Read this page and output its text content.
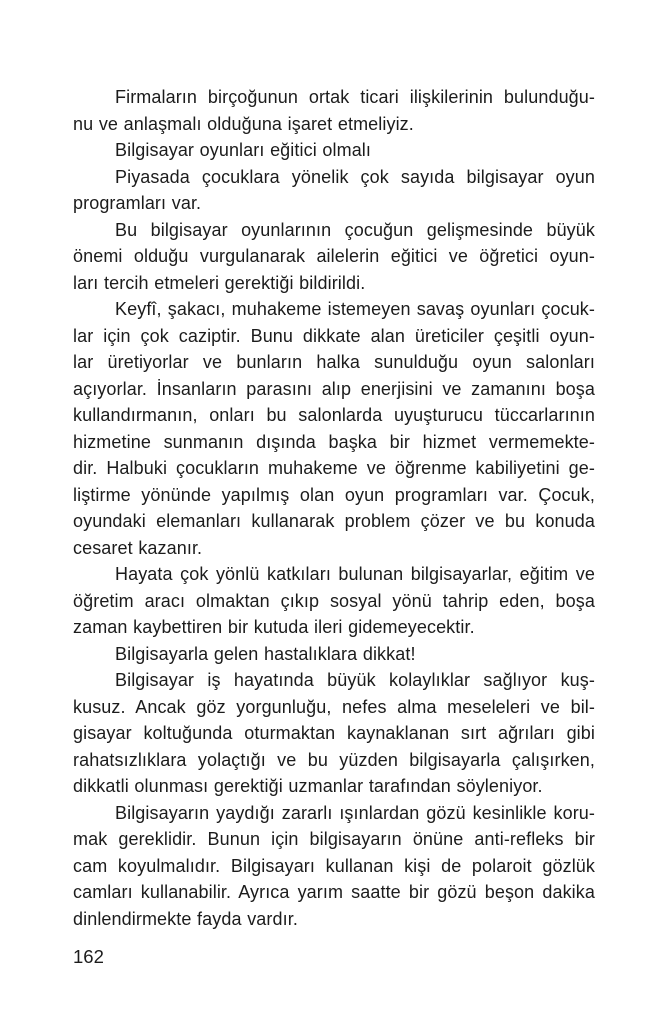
Firmaların birçoğunun ortak ticari ilişkilerinin bulunduğu-
nu ve anlaşmalı olduğuna işaret etmeliyiz.
Bilgisayar oyunları eğitici olmalı
Piyasada çocuklara yönelik çok sayıda bilgisayar oyun
programları var.
Bu bilgisayar oyunlarının çocuğun gelişmesinde büyük
önemi olduğu vurgulanarak ailelerin eğitici ve öğretici oyun-
ları tercih etmeleri gerektiği bildirildi.
Keyfî, şakacı, muhakeme istemeyen savaş oyunları çocuk-
lar için çok caziptir. Bunu dikkate alan üreticiler çeşitli oyun-
lar üretiyorlar ve bunların halka sunulduğu oyun salonları
açıyorlar. İnsanların parasını alıp enerjisini ve zamanını boşa
kullandırmanın, onları bu salonlarda uyuşturucu tüccarlarının
hizmetine sunmanın dışında başka bir hizmet vermemekte-
dir. Halbuki çocukların muhakeme ve öğrenme kabiliyetini ge-
liştirme yönünde yapılmış olan oyun programları var. Çocuk,
oyundaki elemanları kullanarak problem çözer ve bu konuda
cesaret kazanır.
Hayata çok yönlü katkıları bulunan bilgisayarlar, eğitim ve
öğretim aracı olmaktan çıkıp sosyal yönü tahrip eden, boşa
zaman kaybettiren bir kutuda ileri gidemeyecektir.
Bilgisayarla gelen hastalıklara dikkat!
Bilgisayar iş hayatında büyük kolaylıklar sağlıyor kuş-
kusuz. Ancak göz yorgunluğu, nefes alma meseleleri ve bil-
gisayar koltuğunda oturmaktan kaynaklanan sırt ağrıları gibi
rahatsızlıklara yolaçtığı ve bu yüzden bilgisayarla çalışırken,
dikkatli olunması gerektiği uzmanlar tarafından söyleniyor.
Bilgisayarın yaydığı zararlı ışınlardan gözü kesinlikle koru-
mak gereklidir. Bunun için bilgisayarın önüne anti-refleks bir
cam koyulmalıdır. Bilgisayarı kullanan kişi de polaroit gözlük
camları kullanabilir. Ayrıca yarım saatte bir gözü beşon dakika
dinlendirmekte fayda vardır.
162
